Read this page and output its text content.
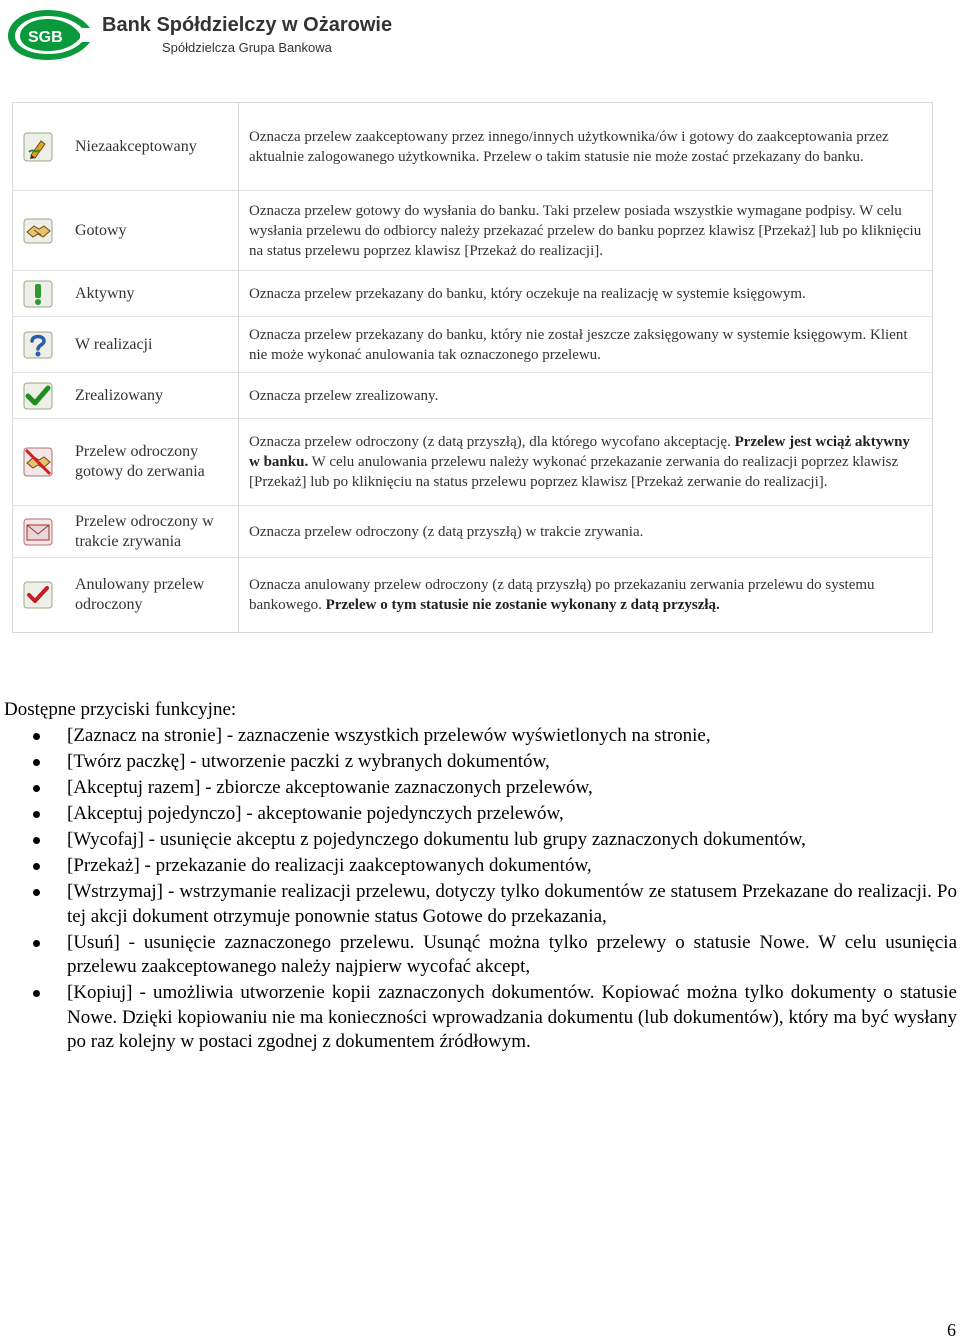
SGB
Bank Spółdzielczy w Ożarowie
Spółdzielcza Grupa Bankowa
	Niezaakceptowany	Oznacza przelew zaakceptowany przez innego/innych użytkownika/ów i gotowy do zaakceptowania przez aktualnie zalogowanego użytkownika. Przelew o takim statusie nie może zostać przekazany do banku.

	Gotowy	Oznacza przelew gotowy do wysłania do banku. Taki przelew posiada wszystkie wymagane podpisy. W celu wysłania przelewu do odbiorcy należy przekazać przelew do banku poprzez klawisz [Przekaż] lub po kliknięciu na status przelewu poprzez klawisz [Przekaż do realizacji].

	Aktywny	Oznacza przelew przekazany do banku, który oczekuje na realizację w systemie księgowym.

	W realizacji	Oznacza przelew przekazany do banku, który nie został jeszcze zaksięgowany w systemie księgowym. Klient nie może wykonać anulowania tak oznaczonego przelewu.

	Zrealizowany	Oznacza przelew zrealizowany.

	Przelew odroczony gotowy do zerwania	Oznacza przelew odroczony (z datą przyszłą), dla którego wycofano akceptację. Przelew jest wciąż aktywny w banku. W celu anulowania przelewu należy wykonać przekazanie zerwania do realizacji poprzez klawisz [Przekaż] lub po kliknięciu na status przelewu poprzez klawisz [Przekaż zerwanie do realizacji].

	Przelew odroczony w trakcie zrywania	Oznacza przelew odroczony (z datą przyszłą) w trakcie zrywania.

	Anulowany przelew odroczony	Oznacza anulowany przelew odroczony (z datą przyszłą) po przekazaniu zerwania przelewu do systemu bankowego. Przelew o tym statusie nie zostanie wykonany z datą przyszłą.
Dostępne przyciski funkcyjne:
[Zaznacz na stronie] - zaznaczenie wszystkich przelewów wyświetlonych na stronie,
[Twórz paczkę] - utworzenie paczki z wybranych dokumentów,
[Akceptuj razem] - zbiorcze akceptowanie zaznaczonych przelewów,
[Akceptuj pojedynczo] - akceptowanie pojedynczych przelewów,
[Wycofaj] - usunięcie akceptu z pojedynczego dokumentu lub grupy zaznaczonych dokumentów,
[Przekaż] - przekazanie do realizacji zaakceptowanych dokumentów,
[Wstrzymaj] - wstrzymanie realizacji przelewu, dotyczy tylko dokumentów ze statusem Przekazane do realizacji. Po tej akcji dokument otrzymuje ponownie status Gotowe do przekazania,
[Usuń] - usunięcie zaznaczonego przelewu. Usunąć można tylko przelewy o statusie Nowe. W celu usunięcia przelewu zaakceptowanego należy najpierw wycofać akcept,
[Kopiuj] - umożliwia utworzenie kopii zaznaczonych dokumentów. Kopiować można tylko dokumenty o statusie Nowe. Dzięki kopiowaniu nie ma konieczności wprowadzania dokumentu (lub dokumentów), który ma być wysłany po raz kolejny w postaci zgodnej z dokumentem źródłowym.
6
